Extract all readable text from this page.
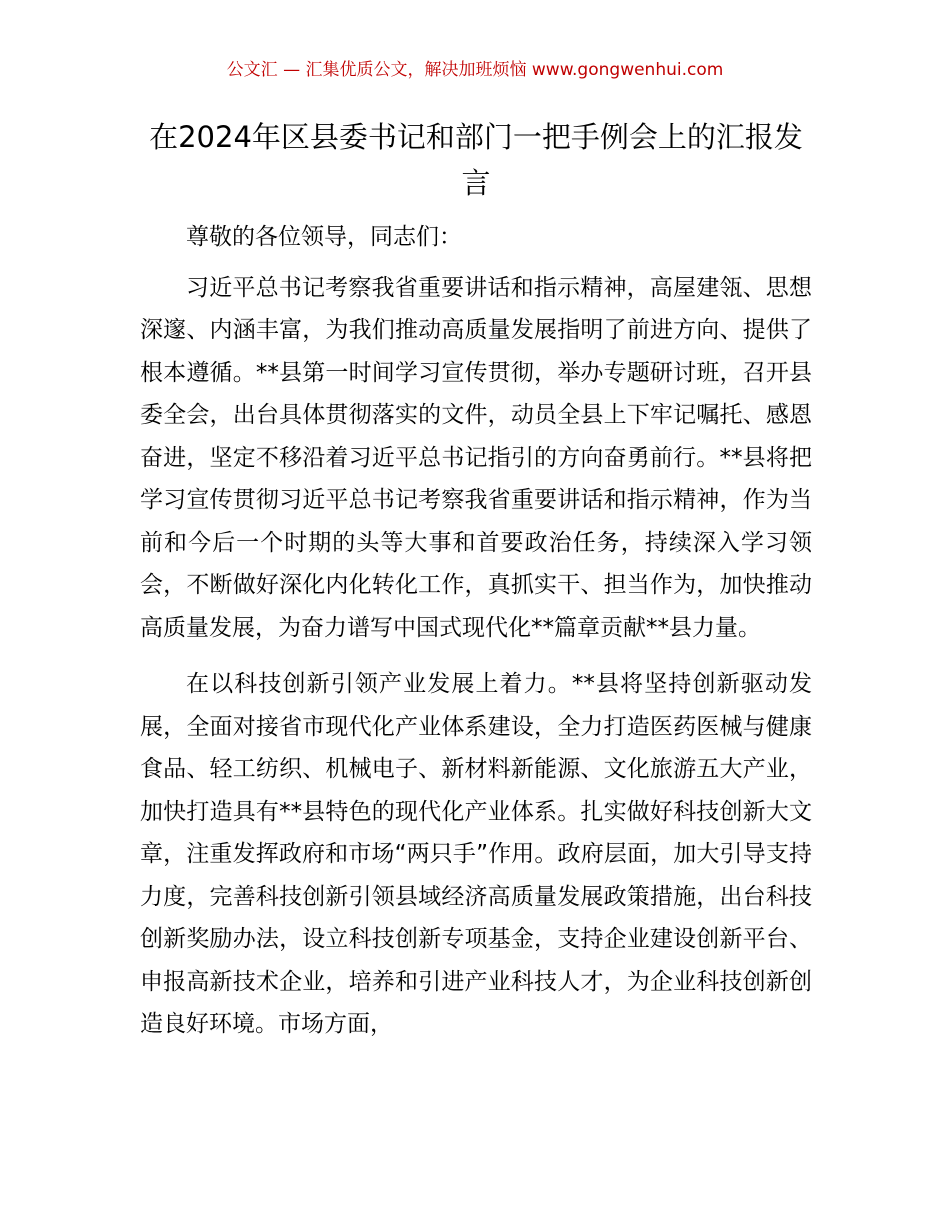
公文汇 — 汇集优质公文，解决加班烦恼 www.gongwenhui.com
在2024年区县委书记和部门一把手例会上的汇报发言

尊敬的各位领导，同志们：

习近平总书记考察我省重要讲话和指示精神，高屋建瓴、思想深邃、内涵丰富，为我们推动高质量发展指明了前进方向、提供了根本遵循。**县第一时间学习宣传贯彻，举办专题研讨班，召开县委全会，出台具体贯彻落实的文件，动员全县上下牢记嘱托、感恩奋进，坚定不移沿着习近平总书记指引的方向奋勇前行。**县将把学习宣传贯彻习近平总书记考察我省重要讲话和指示精神，作为当前和今后一个时期的头等大事和首要政治任务，持续深入学习领会，不断做好深化内化转化工作，真抓实干、担当作为，加快推动高质量发展，为奋力谱写中国式现代化**篇章贡献**县力量。

在以科技创新引领产业发展上着力。**县将坚持创新驱动发展，全面对接省市现代化产业体系建设，全力打造医药医械与健康食品、轻工纺织、机械电子、新材料新能源、文化旅游五大产业，加快打造具有**县特色的现代化产业体系。扎实做好科技创新大文章，注重发挥政府和市场“两只手”作用。政府层面，加大引导支持力度，完善科技创新引领县域经济高质量发展政策措施，出台科技创新奖励办法，设立科技创新专项基金，支持企业建设创新平台、申报高新技术企业，培养和引进产业科技人才，为企业科技创新创造良好环境。市场方面，
